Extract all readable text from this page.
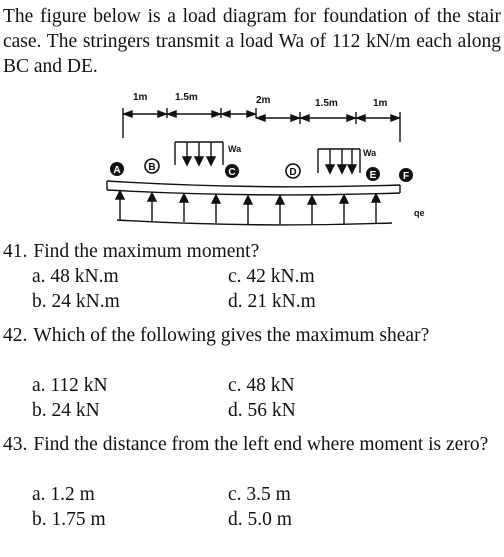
The figure below is a load diagram for foundation of the stair case. The stringers transmit a load Wa of 112 kN/m each along BC and DE.

1m	1.5m	2m	1.5m	1m
Wa	Wa
A	B	C	D	E	F
qe

41. Find the maximum moment?

a. 48 kN.m	c. 42 kN.m
b. 24 kN.m	d. 21 kN.m

42. Which of the following gives the maximum shear?

a. 112 kN	c. 48 kN
b. 24 kN	d. 56 kN

43. Find the distance from the left end where moment is zero?

a. 1.2 m	c. 3.5 m
b. 1.75 m	d. 5.0 m
